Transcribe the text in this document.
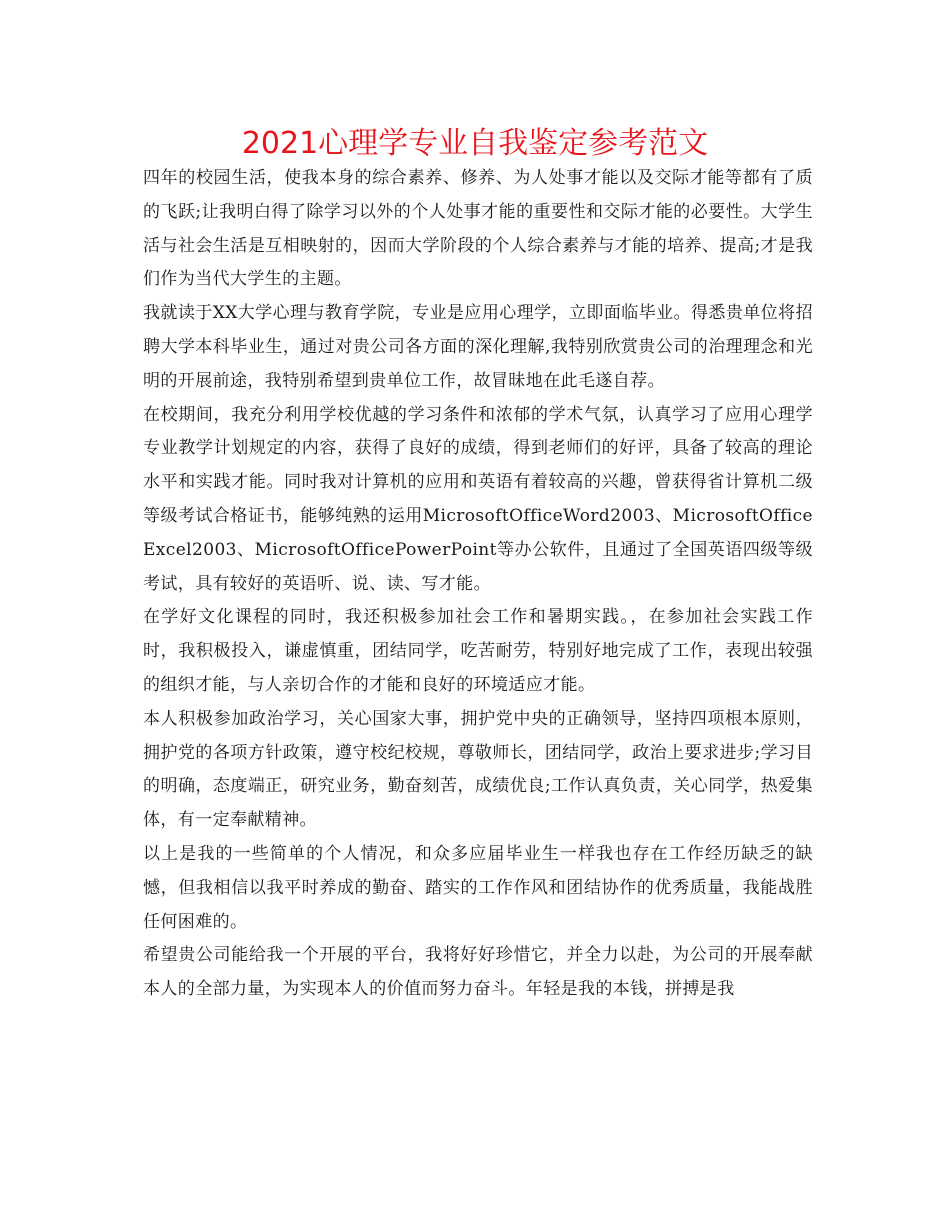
2021心理学专业自我鉴定参考范文

四年的校园生活，使我本身的综合素养、修养、为人处事才能以及交际才能等都有了质的飞跃;让我明白得了除学习以外的个人处事才能的重要性和交际才能的必要性。大学生活与社会生活是互相映射的，因而大学阶段的个人综合素养与才能的培养、提高;才是我们作为当代大学生的主题。

我就读于XX大学心理与教育学院，专业是应用心理学，立即面临毕业。得悉贵单位将招聘大学本科毕业生，通过对贵公司各方面的深化理解,我特别欣赏贵公司的治理理念和光明的开展前途，我特别希望到贵单位工作，故冒昧地在此毛遂自荐。

在校期间，我充分利用学校优越的学习条件和浓郁的学术气氛，认真学习了应用心理学专业教学计划规定的内容，获得了良好的成绩，得到老师们的好评，具备了较高的理论水平和实践才能。同时我对计算机的应用和英语有着较高的兴趣，曾获得省计算机二级等级考试合格证书，能够纯熟的运用MicrosoftOfficeWord2003、MicrosoftOfficeExcel2003、MicrosoftOfficePowerPoint等办公软件，且通过了全国英语四级等级考试，具有较好的英语听、说、读、写才能。

在学好文化课程的同时，我还积极参加社会工作和暑期实践。，在参加社会实践工作时，我积极投入，谦虚慎重，团结同学，吃苦耐劳，特别好地完成了工作，表现出较强的组织才能，与人亲切合作的才能和良好的环境适应才能。

本人积极参加政治学习，关心国家大事，拥护党中央的正确领导，坚持四项根本原则，拥护党的各项方针政策，遵守校纪校规，尊敬师长，团结同学，政治上要求进步;学习目的明确，态度端正，研究业务，勤奋刻苦，成绩优良;工作认真负责，关心同学，热爱集体，有一定奉献精神。

以上是我的一些简单的个人情况，和众多应届毕业生一样我也存在工作经历缺乏的缺憾，但我相信以我平时养成的勤奋、踏实的工作作风和团结协作的优秀质量，我能战胜任何困难的。

希望贵公司能给我一个开展的平台，我将好好珍惜它，并全力以赴，为公司的开展奉献本人的全部力量，为实现本人的价值而努力奋斗。年轻是我的本钱，拼搏是我
